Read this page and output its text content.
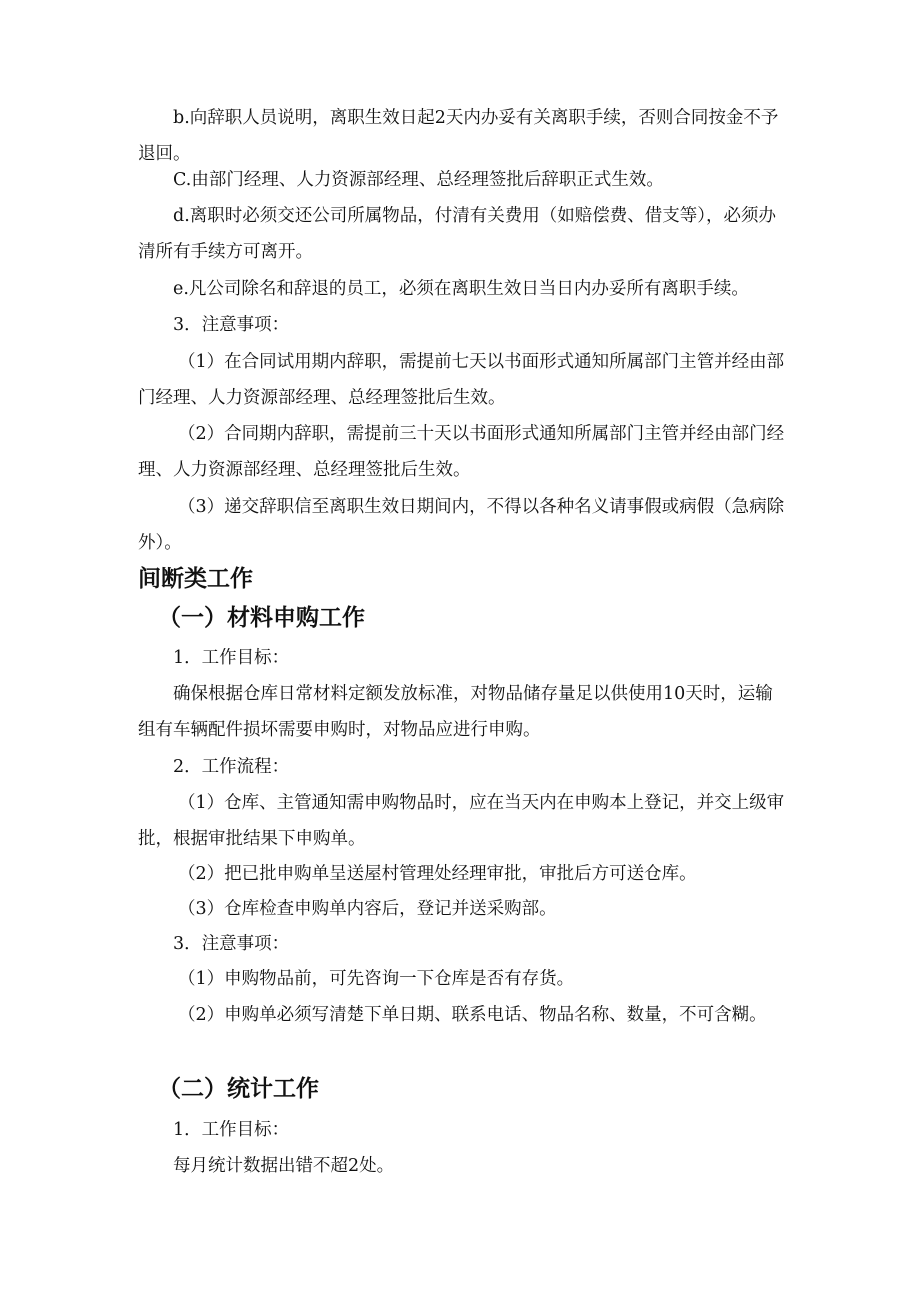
b.向辞职人员说明，离职生效日起2天内办妥有关离职手续，否则合同按金不予退回。

C.由部门经理、人力资源部经理、总经理签批后辞职正式生效。

d.离职时必须交还公司所属物品，付清有关费用（如赔偿费、借支等），必须办清所有手续方可离开。

e.凡公司除名和辞退的员工，必须在离职生效日当日内办妥所有离职手续。

3．注意事项：

（1）在合同试用期内辞职，需提前七天以书面形式通知所属部门主管并经由部门经理、人力资源部经理、总经理签批后生效。

（2）合同期内辞职，需提前三十天以书面形式通知所属部门主管并经由部门经理、人力资源部经理、总经理签批后生效。

（3）递交辞职信至离职生效日期间内，不得以各种名义请事假或病假（急病除外）。

间断类工作
（一）材料申购工作

1．工作目标：

确保根据仓库日常材料定额发放标准，对物品储存量足以供使用10天时，运输组有车辆配件损坏需要申购时，对物品应进行申购。

2．工作流程：

（1）仓库、主管通知需申购物品时，应在当天内在申购本上登记，并交上级审批，根据审批结果下申购单。

（2）把已批申购单呈送屋村管理处经理审批，审批后方可送仓库。

（3）仓库检查申购单内容后，登记并送采购部。

3．注意事项：

（1）申购物品前，可先咨询一下仓库是否有存货。

（2）申购单必须写清楚下单日期、联系电话、物品名称、数量，不可含糊。

（二）统计工作

1．工作目标：

每月统计数据出错不超2处。
